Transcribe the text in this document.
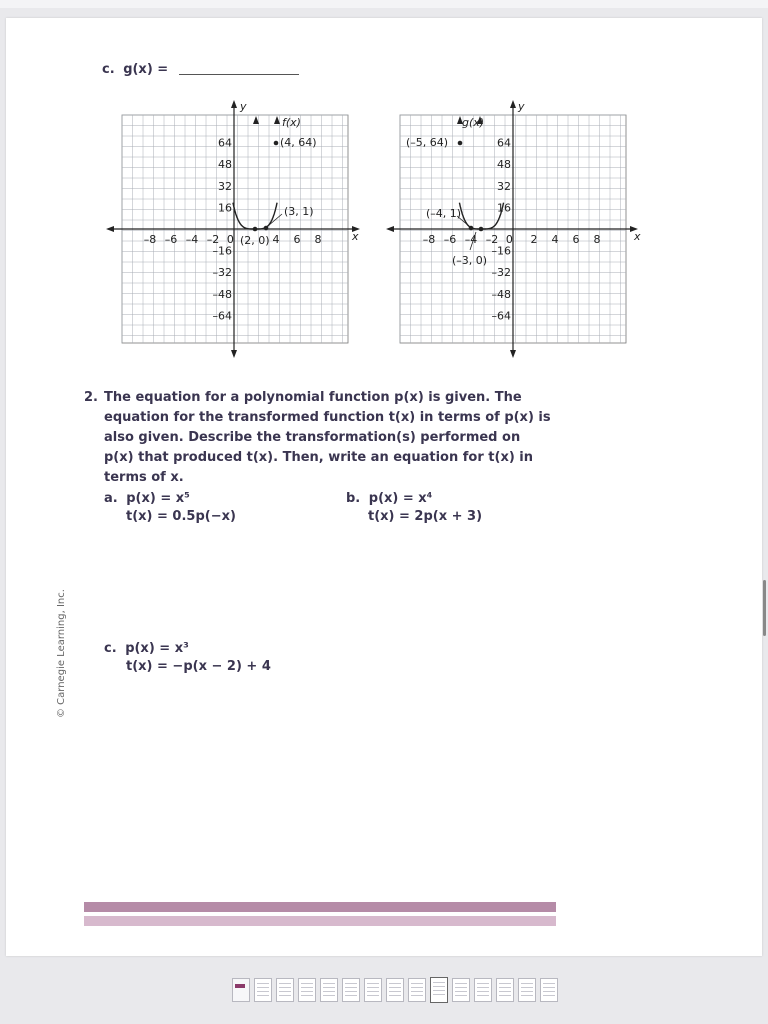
c. g(x) =
y
x
64
48
32
16
–16
–32
–48
–64
–8 –6 –4 –2 0	4 6 8
f(x)
(4, 64)
(3, 1)
(2, 0)
y
x
64
48
32
16
–16
–32
–48
–64
–8 –6 –4 –2 0 2 4 6 8
g(x)
(–5, 64)
(–4, 1)
(–3, 0)
2. The equation for a polynomial function p(x) is given. The equation for the transformed function t(x) in terms of p(x) is also given. Describe the transformation(s) performed on p(x) that produced t(x). Then, write an equation for t(x) in terms of x.
a. p(x) = x⁵
t(x) = 0.5p(−x)
b. p(x) = x⁴
t(x) = 2p(x + 3)
c. p(x) = x³
t(x) = −p(x − 2) + 4
© Carnegie Learning, Inc.
